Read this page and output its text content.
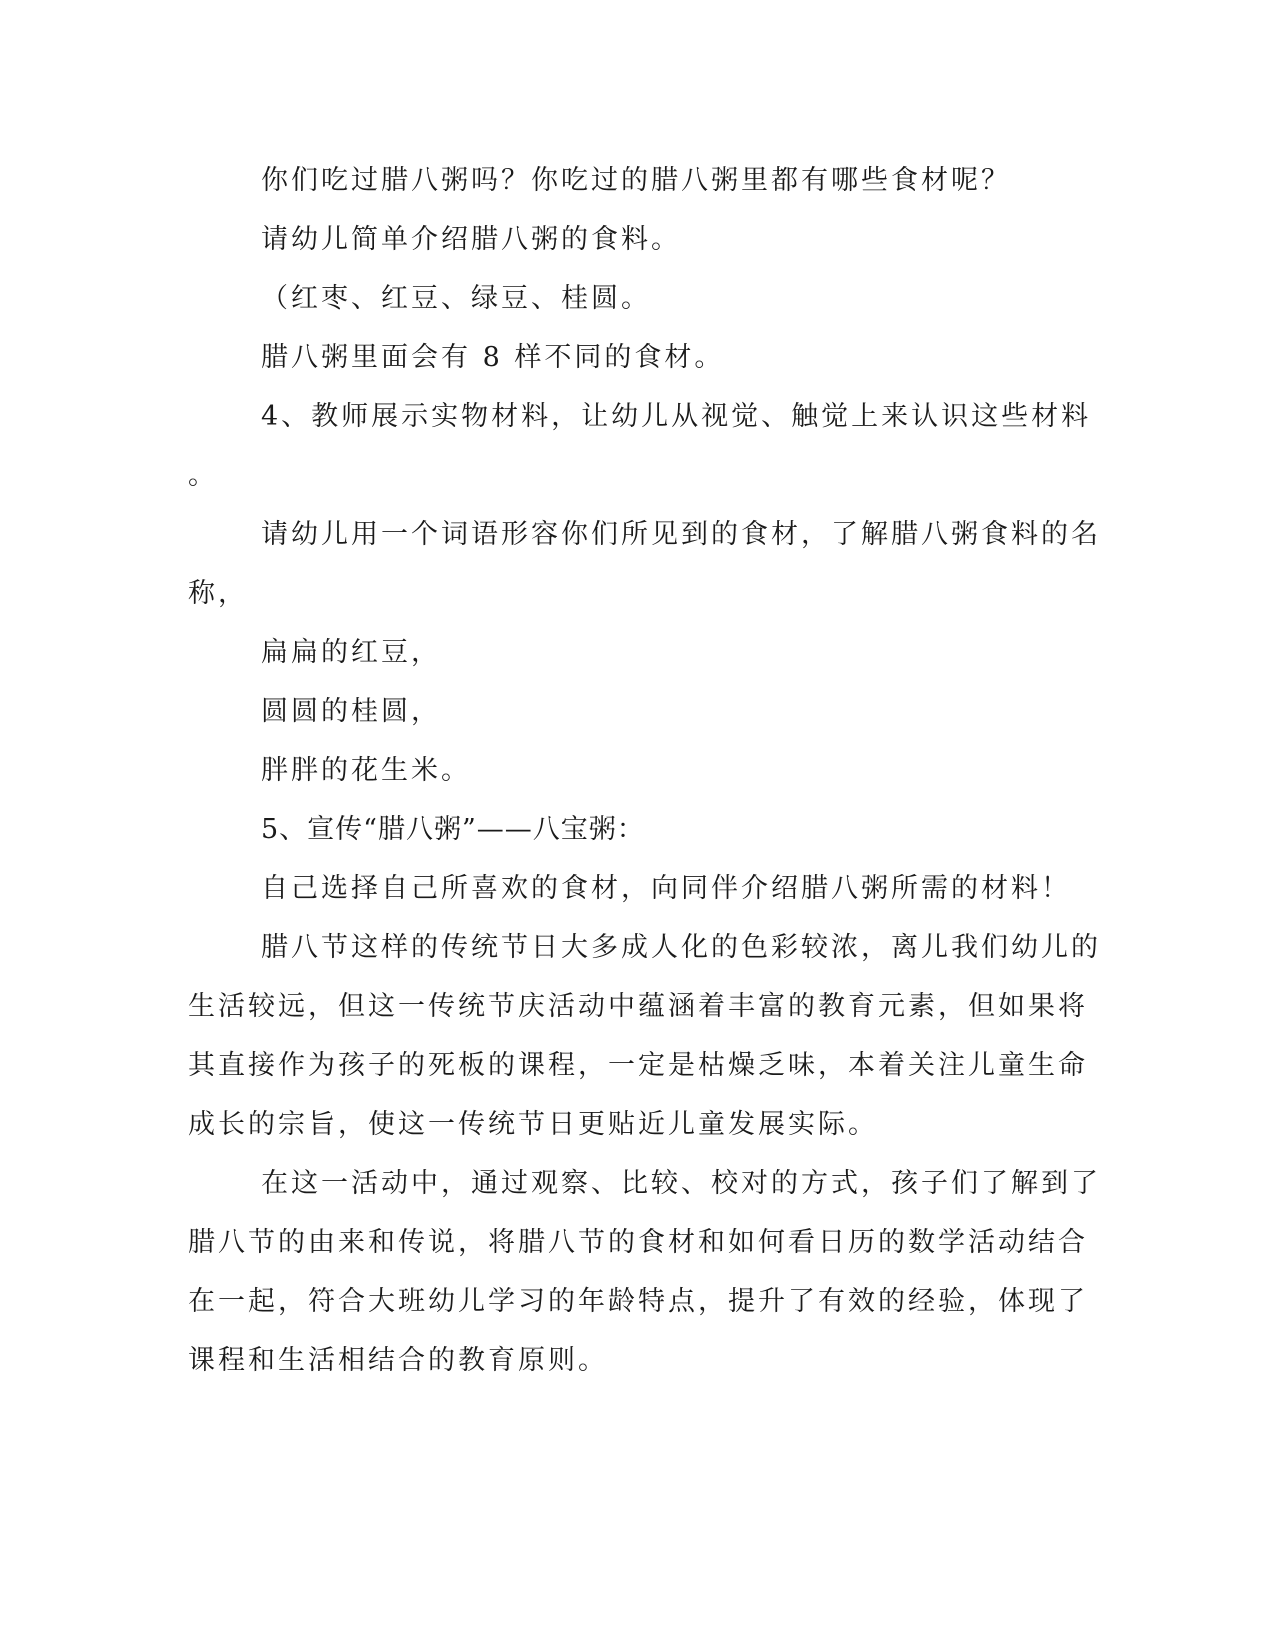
你们吃过腊八粥吗？你吃过的腊八粥里都有哪些食材呢？
请幼儿简单介绍腊八粥的食料。
（红枣、红豆、绿豆、桂圆。
腊八粥里面会有 8 样不同的食材。
4、教师展示实物材料，让幼儿从视觉、触觉上来认识这些材料
。
请幼儿用一个词语形容你们所见到的食材，了解腊八粥食料的名
称，
扁扁的红豆，
圆圆的桂圆，
胖胖的花生米。
5、宣传“腊八粥”——八宝粥：
自己选择自己所喜欢的食材，向同伴介绍腊八粥所需的材料！
腊八节这样的传统节日大多成人化的色彩较浓，离儿我们幼儿的
生活较远，但这一传统节庆活动中蕴涵着丰富的教育元素，但如果将
其直接作为孩子的死板的课程，一定是枯燥乏味，本着关注儿童生命
成长的宗旨，使这一传统节日更贴近儿童发展实际。
在这一活动中，通过观察、比较、校对的方式，孩子们了解到了
腊八节的由来和传说，将腊八节的食材和如何看日历的数学活动结合
在一起，符合大班幼儿学习的年龄特点，提升了有效的经验，体现了
课程和生活相结合的教育原则。
